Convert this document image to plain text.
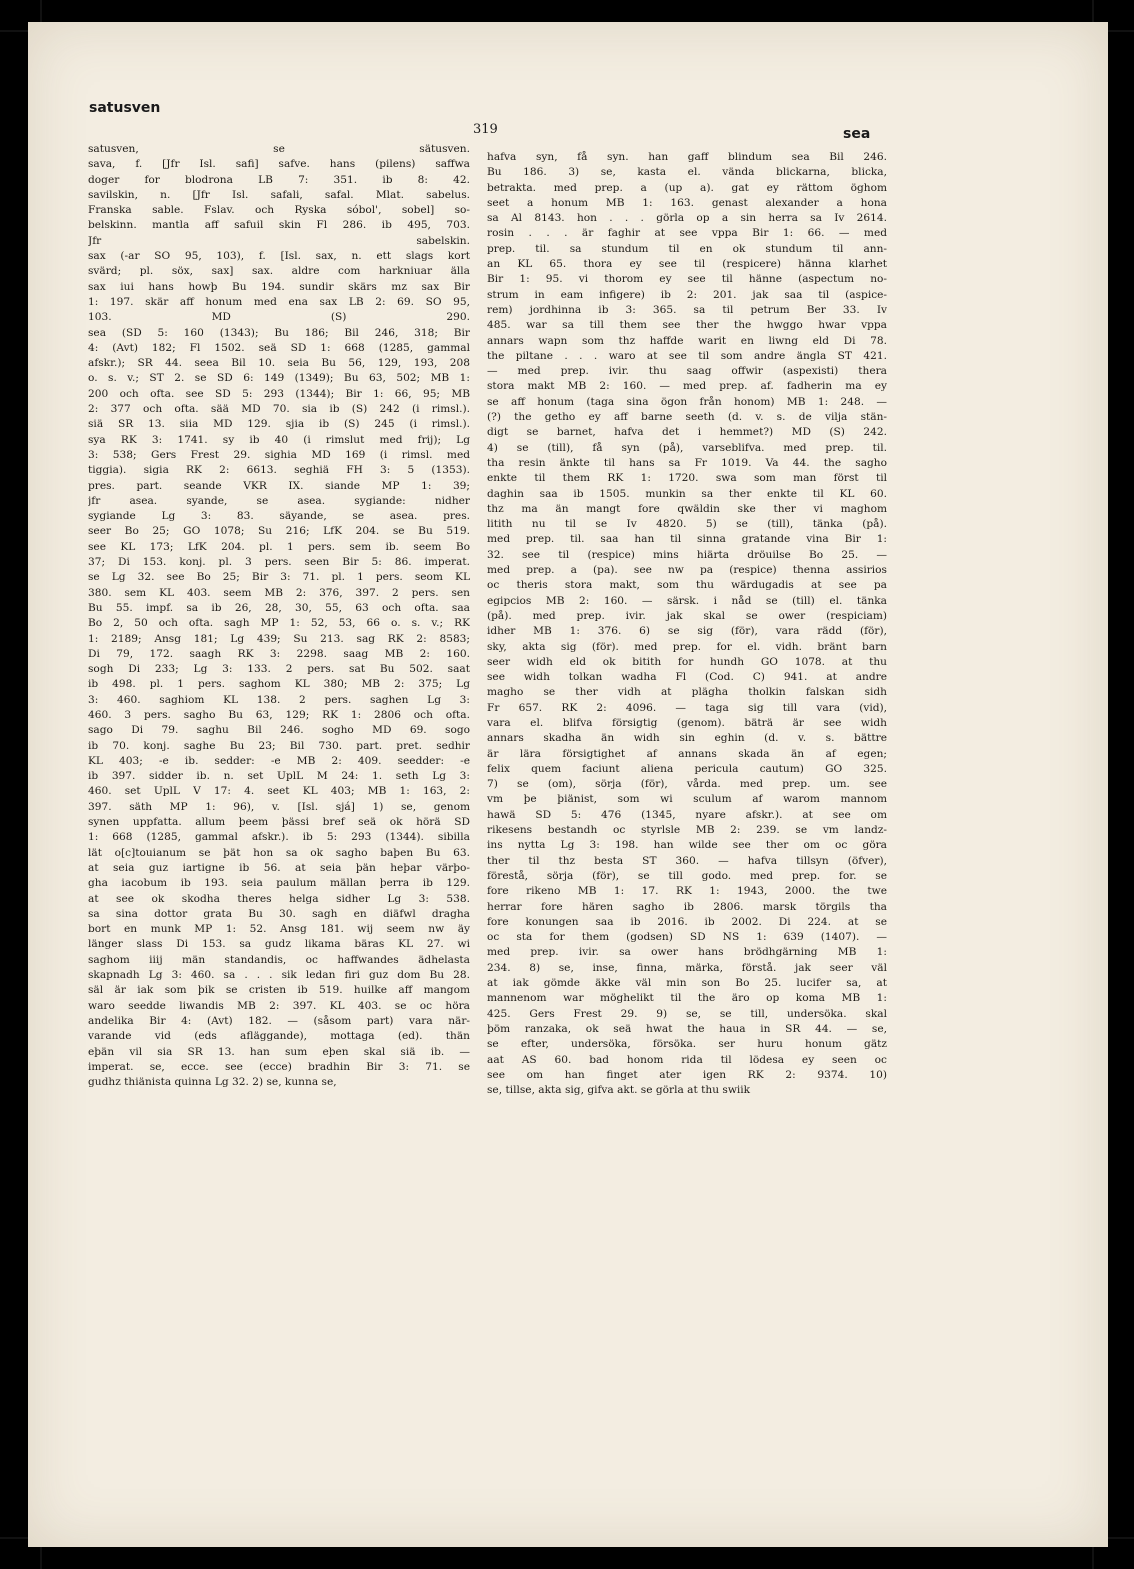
satusven
319	sea
satusven, se sätusven.
sava, f. [Jfr Isl. safi] safve. hans (pilens) saffwa
doger for blodrona LB 7: 351. ib 8: 42.
savilskin, n. [Jfr Isl. safali, safal. Mlat. sabelus.
Franska sable. Fslav. och Ryska sóbol', sobel] so-
belskinn. mantla aff safuil skin Fl 286. ib 495, 703.
Jfr sabelskin.
sax (-ar SO 95, 103), f. [Isl. sax, n. ett slags kort
svärd; pl. söx, sax] sax. aldre com harkniuar älla
sax iui hans howþ Bu 194. sundir skärs mz sax Bir
1: 197. skär aff honum med ena sax LB 2: 69. SO 95,
103. MD (S) 290.
sea (SD 5: 160 (1343); Bu 186; Bil 246, 318; Bir
4: (Avt) 182; Fl 1502. seä SD 1: 668 (1285, gammal
afskr.); SR 44. seea Bil 10. seia Bu 56, 129, 193, 208
o. s. v.; ST 2. se SD 6: 149 (1349); Bu 63, 502; MB 1:
200 och ofta. see SD 5: 293 (1344); Bir 1: 66, 95; MB
2: 377 och ofta. sää MD 70. sia ib (S) 242 (i rimsl.).
siä SR 13. siia MD 129. sjia ib (S) 245 (i rimsl.).
sya RK 3: 1741. sy ib 40 (i rimslut med frij); Lg
3: 538; Gers Frest 29. sighia MD 169 (i rimsl. med
tiggia). sigia RK 2: 6613. seghiä FH 3: 5 (1353).
pres. part. seande VKR IX. siande MP 1: 39;
jfr asea. syande, se asea. sygiande: nidher
sygiande Lg 3: 83. säyande, se asea. pres.
seer Bo 25; GO 1078; Su 216; LfK 204. se Bu 519.
see KL 173; LfK 204. pl. 1 pers. sem ib. seem Bo
37; Di 153. konj. pl. 3 pers. seen Bir 5: 86. imperat.
se Lg 32. see Bo 25; Bir 3: 71. pl. 1 pers. seom KL
380. sem KL 403. seem MB 2: 376, 397. 2 pers. sen
Bu 55. impf. sa ib 26, 28, 30, 55, 63 och ofta. saa
Bo 2, 50 och ofta. sagh MP 1: 52, 53, 66 o. s. v.; RK
1: 2189; Ansg 181; Lg 439; Su 213. sag RK 2: 8583;
Di 79, 172. saagh RK 3: 2298. saag MB 2: 160.
sogh Di 233; Lg 3: 133. 2 pers. sat Bu 502. saat
ib 498. pl. 1 pers. saghom KL 380; MB 2: 375; Lg
3: 460. saghiom KL 138. 2 pers. saghen Lg 3:
460. 3 pers. sagho Bu 63, 129; RK 1: 2806 och ofta.
sago Di 79. saghu Bil 246. sogho MD 69. sogo
ib 70. konj. saghe Bu 23; Bil 730. part. pret. sedhir
KL 403; -e ib. sedder: -e MB 2: 409. seedder: -e
ib 397. sidder ib. n. set UplL M 24: 1. seth Lg 3:
460. set UplL V 17: 4. seet KL 403; MB 1: 163, 2:
397. säth MP 1: 96), v. [Isl. sjá] 1) se, genom
synen uppfatta. allum þeem þässi bref seä ok hörä SD
1: 668 (1285, gammal afskr.). ib 5: 293 (1344). sibilla
lät o[c]touianum se þät hon sa ok sagho baþen Bu 63.
at seia guz iartigne ib 56. at seia þän heþar värþo-
gha iacobum ib 193. seia paulum mällan þerra ib 129.
at see ok skodha theres helga sidher Lg 3: 538.
sa sina dottor grata Bu 30. sagh en diäfwl dragha
bort en munk MP 1: 52. Ansg 181. wij seem nw äy
länger slass Di 153. sa gudz likama bäras KL 27. wi
saghom iiij män standandis, oc haffwandes ädhelasta
skapnadh Lg 3: 460. sa . . . sik ledan firi guz dom Bu 28.
säl är iak som þik se cristen ib 519. huilke aff mangom
waro seedde liwandis MB 2: 397. KL 403. se oc höra
andelika Bir 4: (Avt) 182. — (såsom part) vara när-
varande vid (eds afläggande), mottaga (ed). thän
eþän vil sia SR 13. han sum eþen skal siä ib. —
imperat. se, ecce. see (ecce) bradhin Bir 3: 71. se
gudhz thiänista quinna Lg 32. 2) se, kunna se,
hafva syn, få syn. han gaff blindum sea Bil 246.
Bu 186. 3) se, kasta el. vända blickarna, blicka,
betrakta. med prep. a (up a). gat ey rättom öghom
seet a honum MB 1: 163. genast alexander a hona
sa Al 8143. hon . . . görla op a sin herra sa Iv 2614.
rosin . . . är faghir at see vppa Bir 1: 66. — med
prep. til. sa stundum til en ok stundum til ann-
an KL 65. thora ey see til (respicere) hänna klarhet
Bir 1: 95. vi thorom ey see til hänne (aspectum no-
strum in eam infigere) ib 2: 201. jak saa til (aspice-
rem) jordhinna ib 3: 365. sa til petrum Ber 33. Iv
485. war sa till them see ther the hwggo hwar vppa
annars wapn som thz haffde warit en liwng eld Di 78.
the piltane . . . waro at see til som andre ängla ST 421.
— med prep. ivir. thu saag offwir (aspexisti) thera
stora makt MB 2: 160. — med prep. af. fadherin ma ey
se aff honum (taga sina ögon från honom) MB 1: 248. —
(?) the getho ey aff barne seeth (d. v. s. de vilja stän-
digt se barnet, hafva det i hemmet?) MD (S) 242.
4) se (till), få syn (på), varseblifva. med prep. til.
tha resin änkte til hans sa Fr 1019. Va 44. the sagho
enkte til them RK 1: 1720. swa som man först til
daghin saa ib 1505. munkin sa ther enkte til KL 60.
thz ma än mangt fore qwäldin ske ther vi maghom
litith nu til se Iv 4820. 5) se (till), tänka (på).
med prep. til. saa han til sinna gratande vina Bir 1:
32. see til (respice) mins hiärta dröuilse Bo 25. —
med prep. a (pa). see nw pa (respice) thenna assirios
oc theris stora makt, som thu wärdugadis at see pa
egipcios MB 2: 160. — särsk. i nåd se (till) el. tänka
(på). med prep. ivir. jak skal se ower (respiciam)
idher MB 1: 376. 6) se sig (för), vara rädd (för),
sky, akta sig (för). med prep. for el. vidh. bränt barn
seer widh eld ok bitith for hundh GO 1078. at thu
see widh tolkan wadha Fl (Cod. C) 941. at andre
magho se ther vidh at plägha tholkin falskan sidh
Fr 657. RK 2: 4096. — taga sig till vara (vid),
vara el. blifva försigtig (genom). bäträ är see widh
annars skadha än widh sin eghin (d. v. s. bättre
är lära försigtighet af annans skada än af egen;
felix quem faciunt aliena pericula cautum) GO 325.
7) se (om), sörja (för), vårda. med prep. um. see
vm þe þiänist, som wi sculum af warom mannom
hawä SD 5: 476 (1345, nyare afskr.). at see om
rikesens bestandh oc styrlsle MB 2: 239. se vm landz-
ins nytta Lg 3: 198. han wilde see ther om oc göra
ther til thz besta ST 360. — hafva tillsyn (öfver),
förestå, sörja (för), se till godo. med prep. for. se
fore rikeno MB 1: 17. RK 1: 1943, 2000. the twe
herrar fore hären sagho ib 2806. marsk törgils tha
fore konungen saa ib 2016. ib 2002. Di 224. at se
oc sta for them (godsen) SD NS 1: 639 (1407). —
med prep. ivir. sa ower hans brödhgärning MB 1:
234. 8) se, inse, finna, märka, förstå. jak seer väl
at iak gömde äkke väl min son Bo 25. lucifer sa, at
mannenom war möghelikt til the äro op koma MB 1:
425. Gers Frest 29. 9) se, se till, undersöka. skal
þöm ranzaka, ok seä hwat the haua in SR 44. — se,
se efter, undersöka, försöka. ser huru honum gätz
aat AS 60. bad honom rida til lödesa ey seen oc
see om han finget ater igen RK 2: 9374. 10)
se, tillse, akta sig, gifva akt. se görla at thu swiik
